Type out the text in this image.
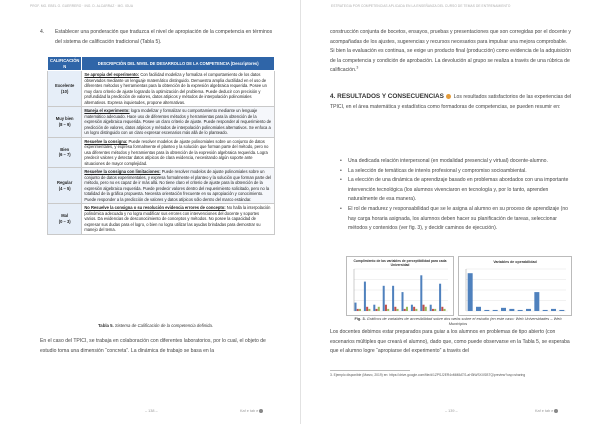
PROF. MG. EBEL O. GUERRERO · ING. D. ALCARRAZ · MG. IGUA
4.	Establecer una ponderación que traduzca el nivel de apropiación de la competencia en términos del sistema de calificación tradicional (Tabla 5).
CALIFICACIÓN N	DESCRIPCIÓN DEL NIVEL DE DESARROLLO DE LA COMPETENCIA (Descriptores)
Excelente
(10)	Se apropia del experimento: Con facilidad modeliza y formaliza el comportamiento de los datos observados mediante un lenguaje matemático distinguido. Demuestra amplia ductilidad en el uso de diferentes métodos y herramientas para la obtención de la expresión algebraica requerida. Posee un muy claro criterio de ajuste logrando la optimización del problema. Puede deducir con precisión y profundidad la predicción de valores, datos atípicos y métodos de interpolación polinomiales alternativos. Expresa inquietudes, propone alternativas.
Muy bien
(8 – 9)	Maneja el experimento: logra modelizar y formalizar su comportamiento mediante un lenguaje matemático adecuado. Hace uso de diferentes métodos y herramientas para la obtención de la expresión algebraica requerida. Posee un claro criterio de ajuste. Puede responder al requerimiento de predicción de valores, datos atípicos y métodos de interpolación polinomiales alternativos. Se enfoca a un logro distinguido con un claro expresar escenarios más allá de lo planteado.
Bien
(6 – 7)	Resuelve la consigna: Puede resolver modelos de ajuste polinomiales sobre un conjunto de datos experimentales, y expresa formalmente el planteo y la solución que forman parte del método, pero no usa diferentes métodos y herramientas para la obtención de la expresión algebraica requerida. Logra predecir valores y detectar datos atípicos de clara evidencia, necesitando algún soporte ante situaciones de mayor complejidad.
Regular
(4 – 5)	Resuelve la consigna con limitaciones: Puede resolver modelos de ajuste polinomiales sobre un conjunto de datos experimentales, y expresa formalmente el planteo y la solución que forman parte del método, pero no es capaz de ir más allá. No tiene claro el criterio de ajuste para la obtención de la expresión algebraica requerida. Puede predecir valores dentro del requerimiento solicitado, pero no la totalidad de la gráfica propuesta. Necesita orientación frecuente en su apropiación y conocimiento. Puede responder a la predicción de valores y datos atípicos sólo dentro del marco estándar.
Mal
(0 – 3)	No Resuelve la consigna o su resolución evidencia errores de concepto: No halla la interpolación polinómica adecuada y no logra modificar sus errores con intervenciones del docente y soportes varios. Da evidencias de desconocimiento de conceptos y métodos. No posee la capacidad de expresar sus dudas para el logro, o bien no logra utilizar las ayudas brindadas para demostrar su manejo del tema.
Tabla 5. Sistema de Calificación de la competencia definida.
En el caso del TPICI, se trabaja en colaboración con diferentes laboratorios, por lo cual, el objeto de estudio toma una dimensión “concreta”. La dinámica de trabajo se basa en la
– 138 –	Kaf e tab e
ESTRATEGIA POR COMPETENCIAS APLICADA EN LA ENSEÑANZA DEL CURSO DE TEMAS DE ENTRENAMIENTO
construcción conjunta de bocetos, ensayos, pruebas y presentaciones que son corregidas por el docente y acompañadas de los ajustes, sugerencias y recursos necesarios para impulsar una mejora comprobable. Si bien la evaluación es continua, se exige un producto final (producción) como evidencia de la adquisición de la competencia y condición de aprobación. La devolución al grupo se realiza a través de una rúbrica de calificación.$^3$
4. RESULTADOS Y CONSECUENCIAS Los resultados satisfactorios de las experiencias del TPICI, en el área matemática y estadística como formadoras de competencias, se pueden resumir en:
• Una dedicada relación interpersonal (en modalidad presencial y virtual) docente-alumno.
• La selección de temáticas de interés profesional y compromiso socioambiental.
• La elección de una dinámica de aprendizaje basado en problemas abordados con una importante intervención tecnológica (los alumnos vivenciaron en tecnología y, por lo tanto, aprenden naturalmente de esa manera).
• El rol de madurez y responsabilidad que se le asigna al alumno en su proceso de aprendizaje (no hay carga horaria asignada, los alumnos deben hacer su planificación de tareas, seleccionar métodos y contenidos (ver fig. 3), y decidir caminos de ejecución).
Cumplimiento de las variables de perceptibilidad para cada Universidad
Variables de operabilidad
Fig. 3. Gráficos de variables de accesibilidad sobre dos webs sobre el estudio (en este caso: Web Universidades – Web Municipios
Los docentes debimos estar preparados para guiar a los alumnos en problemas de tipo abierto (con escenarios múltiples que creará el alumno), dado que, como puede observarse en la Tabla 5, se esperaba que el alumno logre “apropiarse del experimento” a través del
3. Ejemplo disponible (Marzo, 2019) en: https://drive.google.com/file/d/1ZPSJ2ER4xMM8ATS-aH3tWSXXSBTQ/preview?usp=sharing
– 139 –	Kaf e tab e
